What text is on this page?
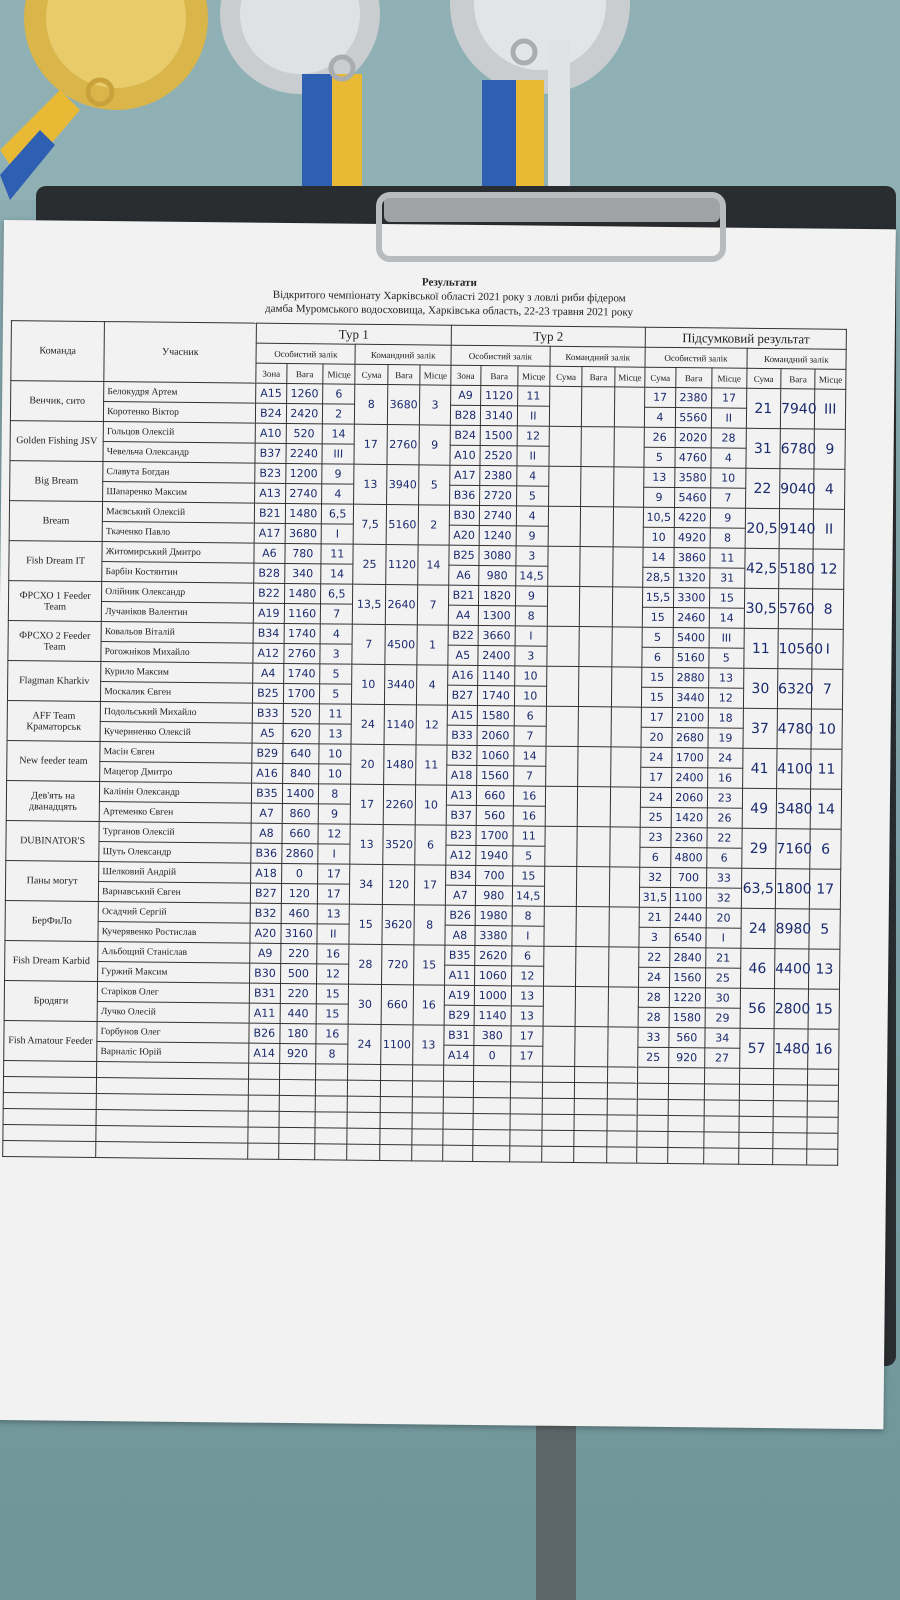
Результати
Відкритого чемпіонату Харківської області 2021 року з ловлі риби фідером
дамба Муромського водосховища, Харківська область, 22-23 травня 2021 року
Команда	Учасник	Тур 1						Тур 2						Підсумковий результат					
		Особистий залік			Командний залік			Особистий залік			Командний залік			Особистий залік			Командний залік		
		Зона	Вага	Місце	Сума	Вага	Місце	Зона	Вага	Місце	Сума	Вага	Місце	Сума	Вага	Місце	Сума	Вага	Місце
Венчик, сито	Белокудря Артем	A15	1260	6	8	3680	3	A9	1120	11				17	2380	17	21	7940	III
	Коротенко Віктор	B24	2420	2				B28	3140	II				4	5560	II			
Golden Fishing JSV	Гольцов Олексій	A10	520	14	17	2760	9	B24	1500	12				26	2020	28	31	6780	9
	Чевельча Олександр	B37	2240	III				A10	2520	II				5	4760	4			
Big Bream	Славута Богдан	B23	1200	9	13	3940	5	A17	2380	4				13	3580	10	22	9040	4
	Шапаренко Максим	A13	2740	4				B36	2720	5				9	5460	7			
Bream	Маєвський Олексій	B21	1480	6,5	7,5	5160	2	B30	2740	4				10,5	4220	9	20,5	9140	II
	Ткаченко Павло	A17	3680	I				A20	1240	9				10	4920	8			
Fish Dream IT	Житомирський Дмитро	A6	780	11	25	1120	14	B25	3080	3				14	3860	11	42,5	5180	12
	Барбін Костянтин	B28	340	14				A6	980	14,5				28,5	1320	31			
ФРСХО 1 Feeder Team	Олійник Олександр	B22	1480	6,5	13,5	2640	7	B21	1820	9				15,5	3300	15	30,5	5760	8
	Лучаніков Валентин	A19	1160	7				A4	1300	8				15	2460	14			
ФРСХО 2 Feeder Team	Ковальов Віталій	B34	1740	4	7	4500	1	B22	3660	I				5	5400	III	11	10560	I
	Рогожніков Михайло	A12	2760	3				A5	2400	3				6	5160	5			
Flagman Kharkiv	Курило Максим	A4	1740	5	10	3440	4	A16	1140	10				15	2880	13	30	6320	7
	Москалик Євген	B25	1700	5				B27	1740	10				15	3440	12			
AFF Team Краматорськ	Подольський Михайло	B33	520	11	24	1140	12	A15	1580	6				17	2100	18	37	4780	10
	Кучериненко Олексій	A5	620	13				B33	2060	7				20	2680	19			
New feeder team	Масін Євген	B29	640	10	20	1480	11	B32	1060	14				24	1700	24	41	4100	11
	Мацегор Дмитро	A16	840	10				A18	1560	7				17	2400	16			
Дев'ять на дванадцять	Калінін Олександр	B35	1400	8	17	2260	10	A13	660	16				24	2060	23	49	3480	14
	Артеменко Євген	A7	860	9				B37	560	16				25	1420	26			
DUBINATOR'S	Турганов Олексій	A8	660	12	13	3520	6	B23	1700	11				23	2360	22	29	7160	6
	Шуть Олександр	B36	2860	I				A12	1940	5				6	4800	6			
Паны могут	Шелковий Андрій	A18	0	17	34	120	17	B34	700	15				32	700	33	63,5	1800	17
	Варнавський Євген	B27	120	17				A7	980	14,5				31,5	1100	32			
БерФиЛо	Осадчий Сергій	B32	460	13	15	3620	8	B26	1980	8				21	2440	20	24	8980	5
	Кучерявенко Ростислав	A20	3160	II				A8	3380	I				3	6540	I			
Fish Dream Karbid	Альбощий Станіслав	A9	220	16	28	720	15	B35	2620	6				22	2840	21	46	4400	13
	Гуржий Максим	B30	500	12				A11	1060	12				24	1560	25			
Бродяги	Старіков Олег	B31	220	15	30	660	16	A19	1000	13				28	1220	30	56	2800	15
	Лучко Олесій	A11	440	15				B29	1140	13				28	1580	29			
Fish Amatour Feeder	Горбунов Олег	B26	180	16	24	1100	13	B31	380	17				33	560	34	57	1480	16
	Варналіс Юрій	A14	920	8				A14	0	17				25	920	27			
